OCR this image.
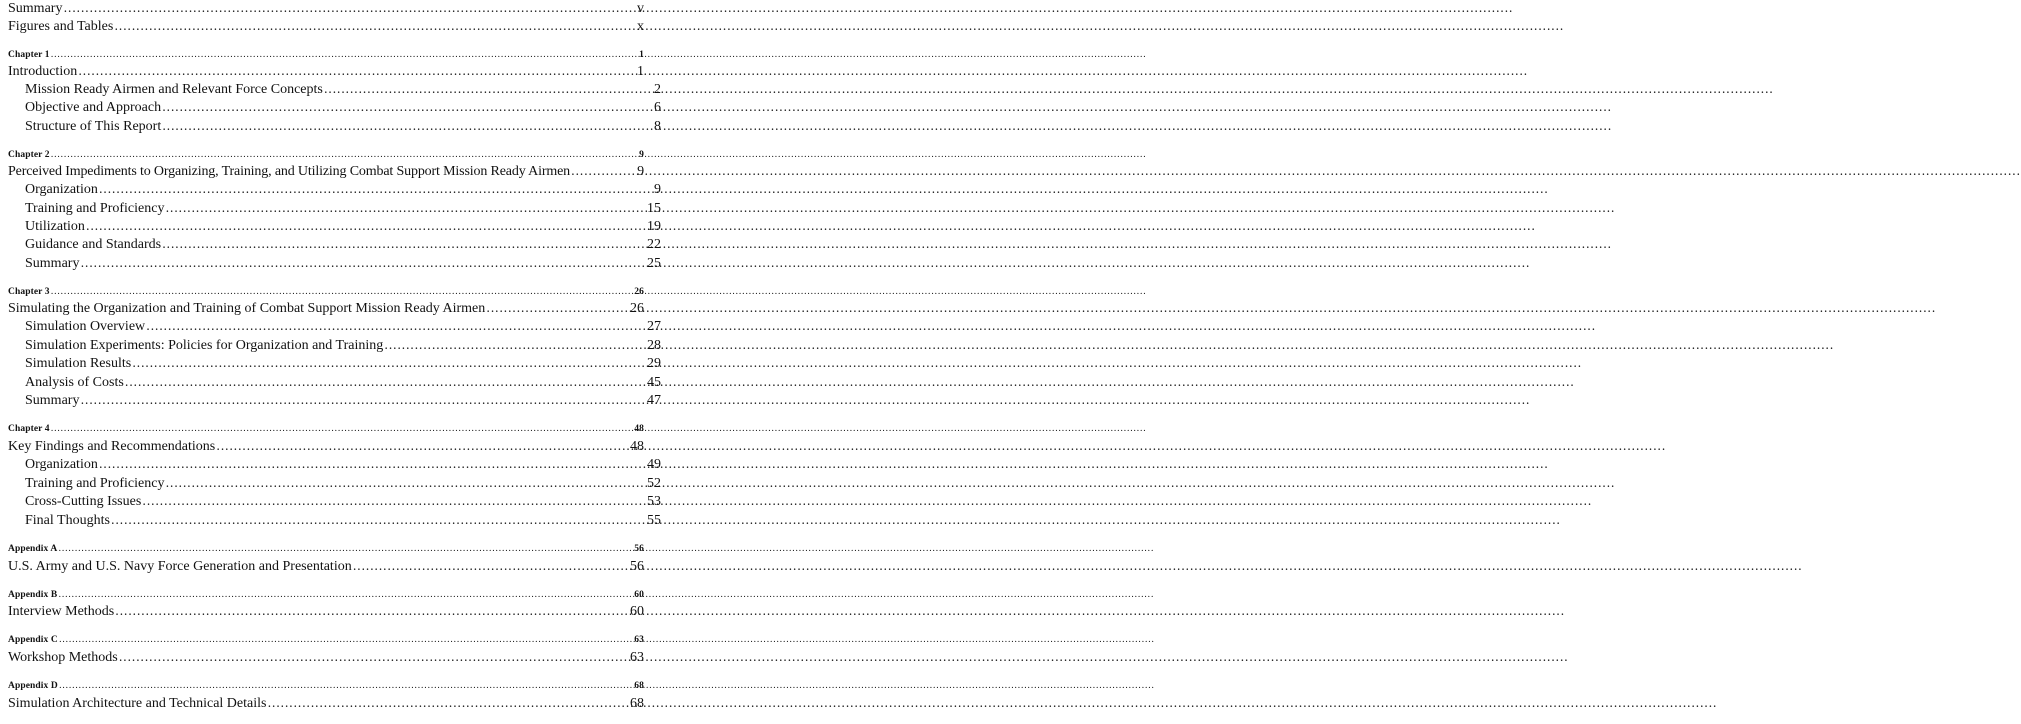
Summary .....	v
Figures and Tables .....	x
Chapter 1 .....	1
Introduction .....	1
Mission Ready Airmen and Relevant Force Concepts .....	2
Objective and Approach .....	6
Structure of This Report .....	8
Chapter 2 .....	9
Perceived Impediments to Organizing, Training, and Utilizing Combat Support Mission Ready Airmen .....	9
Organization .....	9
Training and Proficiency .....	15
Utilization .....	19
Guidance and Standards .....	22
Summary .....	25
Chapter 3 .....	26
Simulating the Organization and Training of Combat Support Mission Ready Airmen .....	26
Simulation Overview .....	27
Simulation Experiments: Policies for Organization and Training .....	28
Simulation Results .....	29
Analysis of Costs .....	45
Summary .....	47
Chapter 4 .....	48
Key Findings and Recommendations .....	48
Organization .....	49
Training and Proficiency .....	52
Cross-Cutting Issues .....	53
Final Thoughts .....	55
Appendix A .....	56
U.S. Army and U.S. Navy Force Generation and Presentation .....	56
Appendix B .....	60
Interview Methods .....	60
Appendix C .....	63
Workshop Methods .....	63
Appendix D .....	68
Simulation Architecture and Technical Details .....	68
